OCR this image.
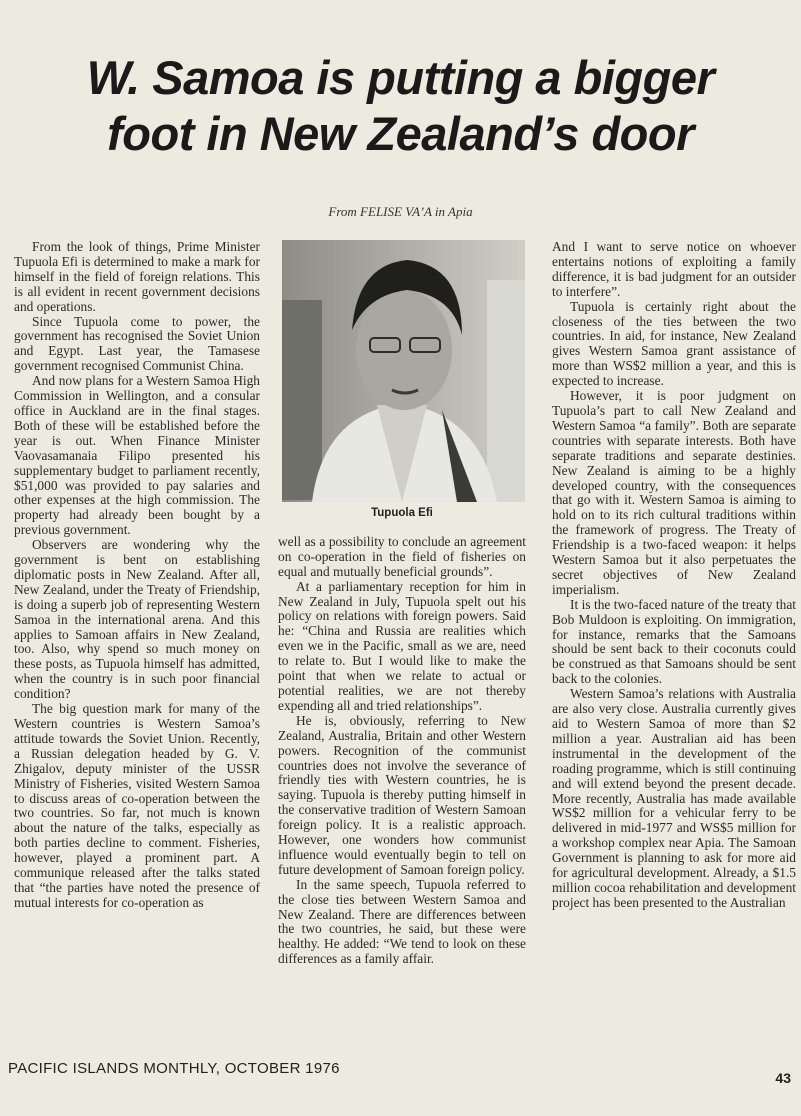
W. Samoa is putting a bigger
foot in New Zealand’s door
From FELISE VA’A in Apia

From the look of things, Prime Minister Tupuola Efi is determined to make a mark for himself in the field of foreign relations. This is all evident in recent government decisions and operations.

Since Tupuola come to power, the government has recognised the Soviet Union and Egypt. Last year, the Tamasese government recognised Communist China.

And now plans for a Western Samoa High Commission in Wellington, and a consular office in Auckland are in the final stages. Both of these will be established before the year is out. When Finance Minister Vaovasamanaia Filipo presented his supplementary budget to parliament recently, $51,000 was provided to pay salaries and other expenses at the high commission. The property had already been bought by a previous government.

Observers are wondering why the government is bent on establishing diplomatic posts in New Zealand. After all, New Zealand, under the Treaty of Friendship, is doing a superb job of representing Western Samoa in the international arena. And this applies to Samoan affairs in New Zealand, too. Also, why spend so much money on these posts, as Tupuola himself has admitted, when the country is in such poor financial condition?

The big question mark for many of the Western countries is Western Samoa’s attitude towards the Soviet Union. Recently, a Russian delegation headed by G. V. Zhigalov, deputy minister of the USSR Ministry of Fisheries, visited Western Samoa to discuss areas of co-operation between the two countries. So far, not much is known about the nature of the talks, especially as both parties decline to comment. Fisheries, however, played a prominent part. A communique released after the talks stated that “the parties have noted the presence of mutual interests for co-operation as

Tupuola Efi

well as a possibility to conclude an agreement on co-operation in the field of fisheries on equal and mutually beneficial grounds”.

At a parliamentary reception for him in New Zealand in July, Tupuola spelt out his policy on relations with foreign powers. Said he: “China and Russia are realities which even we in the Pacific, small as we are, need to relate to. But I would like to make the point that when we relate to actual or potential realities, we are not thereby expending all and tried relationships”.

He is, obviously, referring to New Zealand, Australia, Britain and other Western powers. Recognition of the communist countries does not involve the severance of friendly ties with Western countries, he is saying. Tupuola is thereby putting himself in the conservative tradition of Western Samoan foreign policy. It is a realistic approach. However, one wonders how communist influence would eventually begin to tell on future development of Samoan foreign policy.

In the same speech, Tupuola referred to the close ties between Western Samoa and New Zealand. There are differences between the two countries, he said, but these were healthy. He added: “We tend to look on these differences as a family affair.

And I want to serve notice on whoever entertains notions of exploiting a family difference, it is bad judgment for an outsider to interfere”.

Tupuola is certainly right about the closeness of the ties between the two countries. In aid, for instance, New Zealand gives Western Samoa grant assistance of more than WS$2 million a year, and this is expected to increase.

However, it is poor judgment on Tupuola’s part to call New Zealand and Western Samoa “a family”. Both are separate countries with separate interests. Both have separate traditions and separate destinies. New Zealand is aiming to be a highly developed country, with the consequences that go with it. Western Samoa is aiming to hold on to its rich cultural traditions within the framework of progress. The Treaty of Friendship is a two-faced weapon: it helps Western Samoa but it also perpetuates the secret objectives of New Zealand imperialism.

It is the two-faced nature of the treaty that Bob Muldoon is exploiting. On immigration, for instance, remarks that the Samoans should be sent back to their coconuts could be construed as that Samoans should be sent back to the colonies.

Western Samoa’s relations with Australia are also very close. Australia currently gives aid to Western Samoa of more than $2 million a year. Australian aid has been instrumental in the development of the roading programme, which is still continuing and will extend beyond the present decade. More recently, Australia has made available WS$2 million for a vehicular ferry to be delivered in mid-1977 and WS$5 million for a workshop complex near Apia. The Samoan Government is planning to ask for more aid for agricultural development. Already, a $1.5 million cocoa rehabilitation and development project has been presented to the Australian

PACIFIC ISLANDS MONTHLY, OCTOBER 1976
43
